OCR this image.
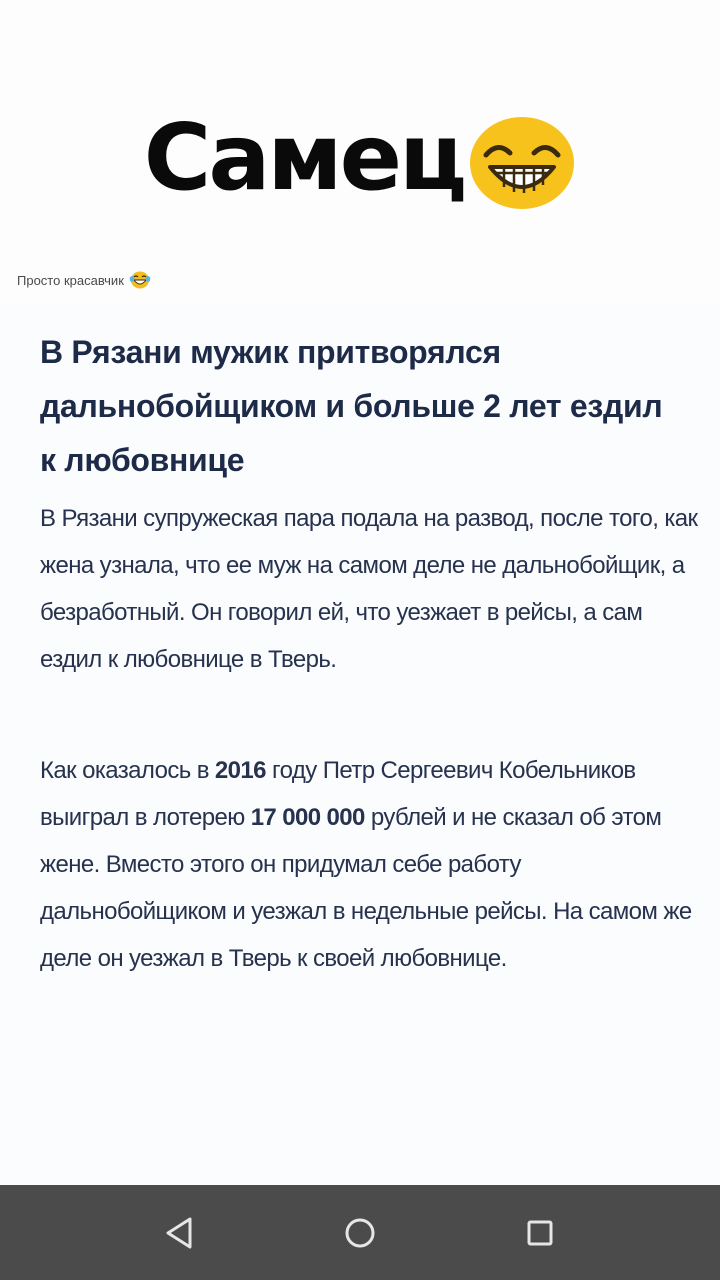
Самец
Просто красавчик
В Рязани мужик притворялся дальнобойщиком и больше 2 лет ездил к любовнице

В Рязани супружеская пара подала на развод, после того, как жена узнала, что ее муж на самом деле не дальнобойщик, а безработный. Он говорил ей, что уезжает в рейсы, а сам ездил к любовнице в Тверь.

Как оказалось в 2016 году Петр Сергеевич Кобельников выиграл в лотерею 17 000 000 рублей и не сказал об этом жене. Вместо этого он придумал себе работу дальнобойщиком и уезжал в недельные рейсы. На самом же деле он уезжал в Тверь к своей любовнице.
